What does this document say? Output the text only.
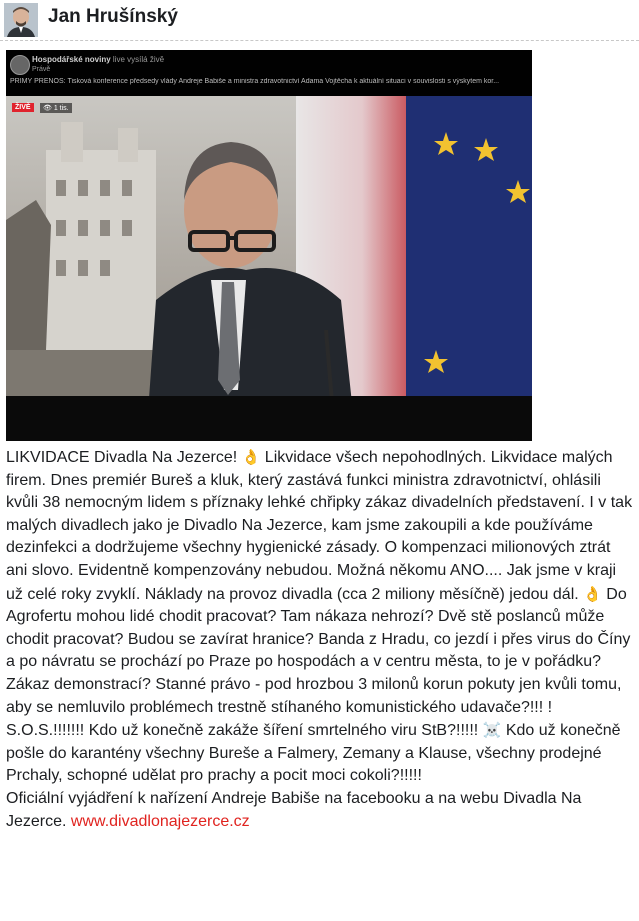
Jan Hrušínský
Hospodářské noviny live vysílá živě
Právě
PŘÍMÝ PŘENOS: Tisková konference předsedy vlády Andreje Babiše a ministra zdravotnictví Adama Vojtěcha k aktuální situaci v souvislosti s výskytem kor...
ŽIVĚ	👁 1 tis.
LIKVIDACE Divadla Na Jezerce! 👌 Likvidace všech nepohodlných. Likvidace malých firem. Dnes premiér Bureš a kluk, který zastává funkci ministra zdravotnictví, ohlásili kvůli 38 nemocným lidem s příznaky lehké chřipky zákaz divadelních představení. I v tak malých divadlech jako je Divadlo Na Jezerce, kam jsme zakoupili a kde používáme dezinfekci a dodržujeme všechny hygienické zásady. O kompenzaci milionových ztrát ani slovo. Evidentně kompenzovány nebudou. Možná někomu ANO.... Jak jsme v kraji už celé roky zvyklí. Náklady na provoz divadla (cca 2 miliony měsíčně) jedou dál. 👌 Do Agrofertu mohou lidé chodit pracovat? Tam nákaza nehrozí? Dvě stě poslanců může chodit pracovat? Budou se zavírat hranice? Banda z Hradu, co jezdí i přes virus do Číny a po návratu se prochází po Praze po hospodách a v centru města, to je v pořádku? Zákaz demonstrací? Stanné právo - pod hrozbou 3 milonů korun pokuty jen kvůli tomu, aby se nemluvilo problémech trestně stíhaného komunistického udavače?!!! ! S.O.S.!!!!!!! Kdo už konečně zakáže šíření smrtelného viru StB?!!!!! ☠️ Kdo už konečně pošle do karantény všechny Bureše a Falmery, Zemany a Klause, všechny prodejné Prchaly, schopné udělat pro prachy a pocit moci cokoli?!!!!!
Oficiální vyjádření k nařízení Andreje Babiše na facebooku a na webu Divadla Na Jezerce. www.divadlonajezerce.cz
